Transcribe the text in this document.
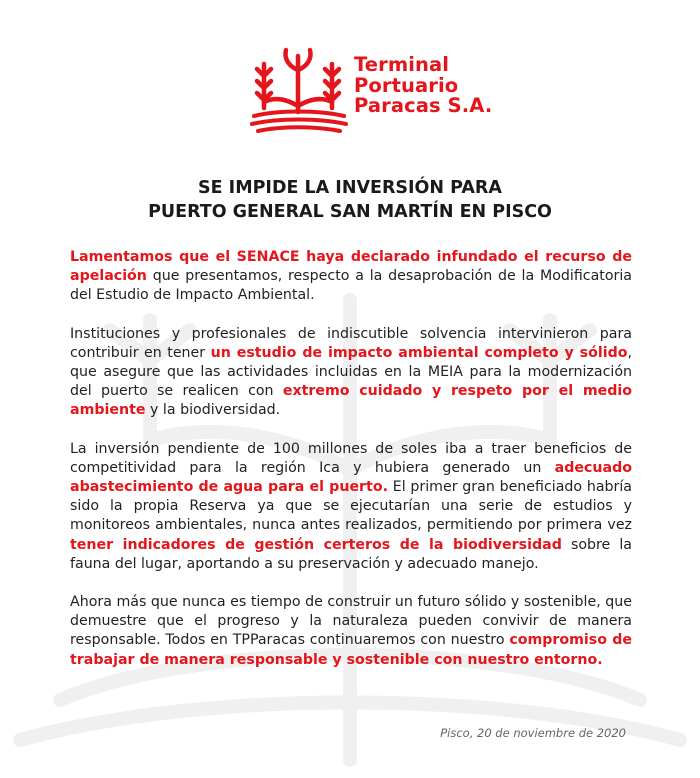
Terminal
Portuario
Paracas S.A.
SE IMPIDE LA INVERSIÓN PARA
PUERTO GENERAL SAN MARTÍN EN PISCO

Lamentamos que el SENACE haya declarado infundado el recurso de apelación que presentamos, respecto a la desaprobación de la Modificatoria del Estudio de Impacto Ambiental.

Instituciones y profesionales de indiscutible solvencia intervinieron para contribuir en tener un estudio de impacto ambiental completo y sólido, que asegure que las actividades incluidas en la MEIA para la modernización del puerto se realicen con extremo cuidado y respeto por el medio ambiente y la biodiversidad.

La inversión pendiente de 100 millones de soles iba a traer beneficios de competitividad para la región Ica y hubiera generado un adecuado abastecimiento de agua para el puerto. El primer gran beneficiado habría sido la propia Reserva ya que se ejecutarían una serie de estudios y monitoreos ambientales, nunca antes realizados, permitiendo por primera vez tener indicadores de gestión certeros de la biodiversidad sobre la fauna del lugar, aportando a su preservación y adecuado manejo.

Ahora más que nunca es tiempo de construir un futuro sólido y sostenible, que demuestre que el progreso y la naturaleza pueden convivir de manera responsable. Todos en TPParacas continuaremos con nuestro compromiso de trabajar de manera responsable y sostenible con nuestro entorno.

Pisco, 20 de noviembre de 2020
